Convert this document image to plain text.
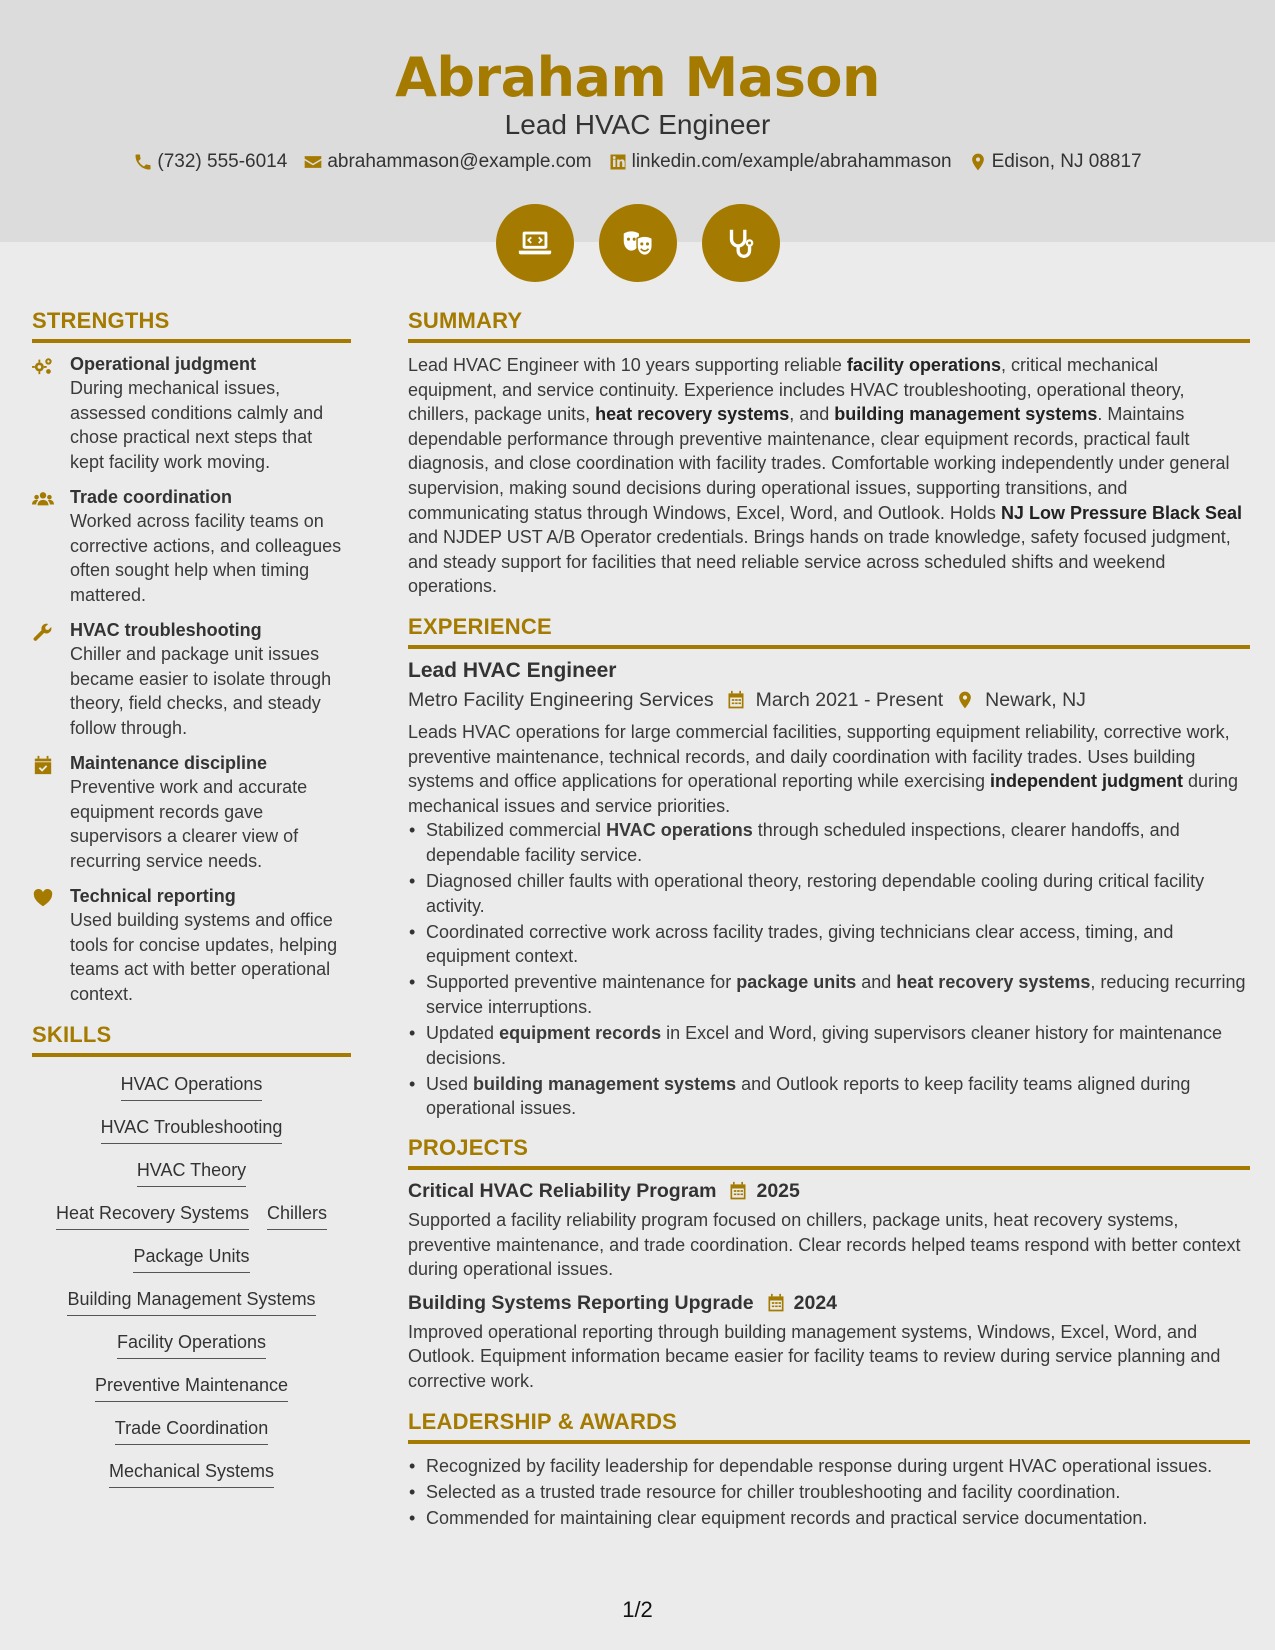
Abraham Mason
Lead HVAC Engineer
(732) 555-6014 abrahammason@example.com linkedin.com/example/abrahammason Edison, NJ 08817
STRENGTHS
Operational judgment
During mechanical issues, assessed conditions calmly and chose practical next steps that kept facility work moving.
Trade coordination
Worked across facility teams on corrective actions, and colleagues often sought help when timing mattered.
HVAC troubleshooting
Chiller and package unit issues became easier to isolate through theory, field checks, and steady follow through.
Maintenance discipline
Preventive work and accurate equipment records gave supervisors a clearer view of recurring service needs.
Technical reporting
Used building systems and office tools for concise updates, helping teams act with better operational context.
SKILLS
HVAC Operations
HVAC Troubleshooting
HVAC Theory
Heat Recovery Systems Chillers
Package Units
Building Management Systems
Facility Operations
Preventive Maintenance
Trade Coordination
Mechanical Systems
SUMMARY

Lead HVAC Engineer with 10 years supporting reliable facility operations, critical mechanical equipment, and service continuity. Experience includes HVAC troubleshooting, operational theory, chillers, package units, heat recovery systems, and building management systems. Maintains dependable performance through preventive maintenance, clear equipment records, practical fault diagnosis, and close coordination with facility trades. Comfortable working independently under general supervision, making sound decisions during operational issues, supporting transitions, and communicating status through Windows, Excel, Word, and Outlook. Holds NJ Low Pressure Black Seal and NJDEP UST A/B Operator credentials. Brings hands on trade knowledge, safety focused judgment, and steady support for facilities that need reliable service across scheduled shifts and weekend operations.

EXPERIENCE
Lead HVAC Engineer
Metro Facility Engineering Services March 2021 - Present Newark, NJ

Leads HVAC operations for large commercial facilities, supporting equipment reliability, corrective work, preventive maintenance, technical records, and daily coordination with facility trades. Uses building systems and office applications for operational reporting while exercising independent judgment during mechanical issues and service priorities.

• Stabilized commercial HVAC operations through scheduled inspections, clearer handoffs, and dependable facility service.
• Diagnosed chiller faults with operational theory, restoring dependable cooling during critical facility activity.
• Coordinated corrective work across facility trades, giving technicians clear access, timing, and equipment context.
• Supported preventive maintenance for package units and heat recovery systems, reducing recurring service interruptions.
• Updated equipment records in Excel and Word, giving supervisors cleaner history for maintenance decisions.
• Used building management systems and Outlook reports to keep facility teams aligned during operational issues.
PROJECTS
Critical HVAC Reliability Program 2025

Supported a facility reliability program focused on chillers, package units, heat recovery systems, preventive maintenance, and trade coordination. Clear records helped teams respond with better context during operational issues.

Building Systems Reporting Upgrade 2024

Improved operational reporting through building management systems, Windows, Excel, Word, and Outlook. Equipment information became easier for facility teams to review during service planning and corrective work.

LEADERSHIP & AWARDS
• Recognized by facility leadership for dependable response during urgent HVAC operational issues.
• Selected as a trusted trade resource for chiller troubleshooting and facility coordination.
• Commended for maintaining clear equipment records and practical service documentation.
1/2
